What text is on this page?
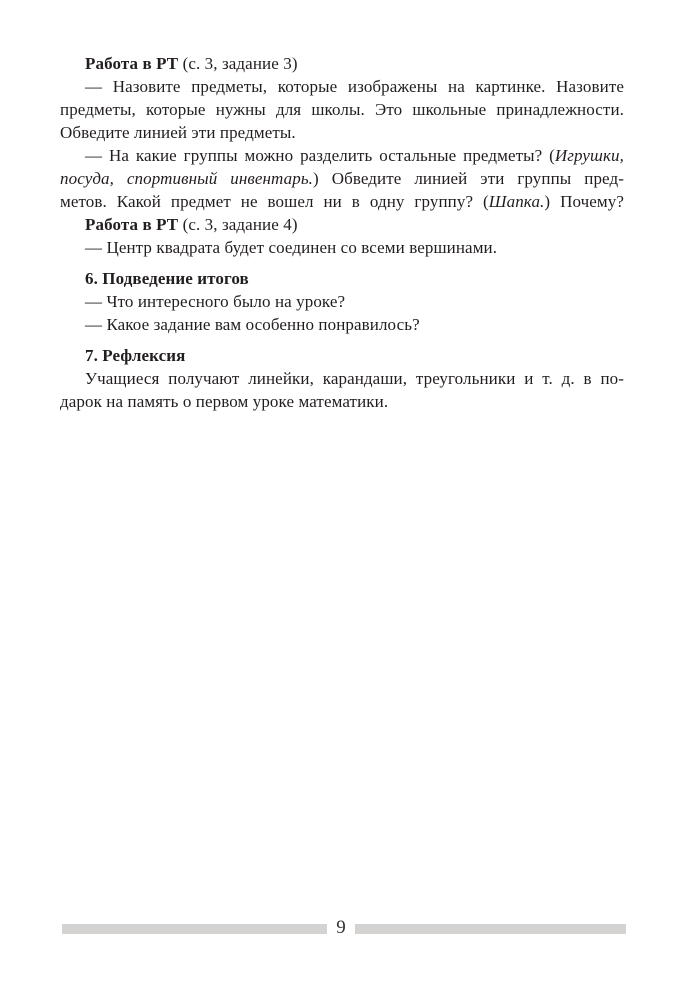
Работа в РТ (с. 3, задание 3)
— Назовите предметы, которые изображены на картинке. Назовите
предметы, которые нужны для школы. Это школьные принадлежности.
Обведите линией эти предметы.
— На какие группы можно разделить остальные предметы? (Игрушки,
посуда, спортивный инвентарь.) Обведите линией эти группы пред-
метов. Какой предмет не вошел ни в одну группу? (Шапка.) Почему?
Работа в РТ (с. 3, задание 4)
— Центр квадрата будет соединен со всеми вершинами.
6. Подведение итогов
— Что интересного было на уроке?
— Какое задание вам особенно понравилось?
7. Рефлексия
Учащиеся получают линейки, карандаши, треугольники и т. д. в по-
дарок на память о первом уроке математики.
9
